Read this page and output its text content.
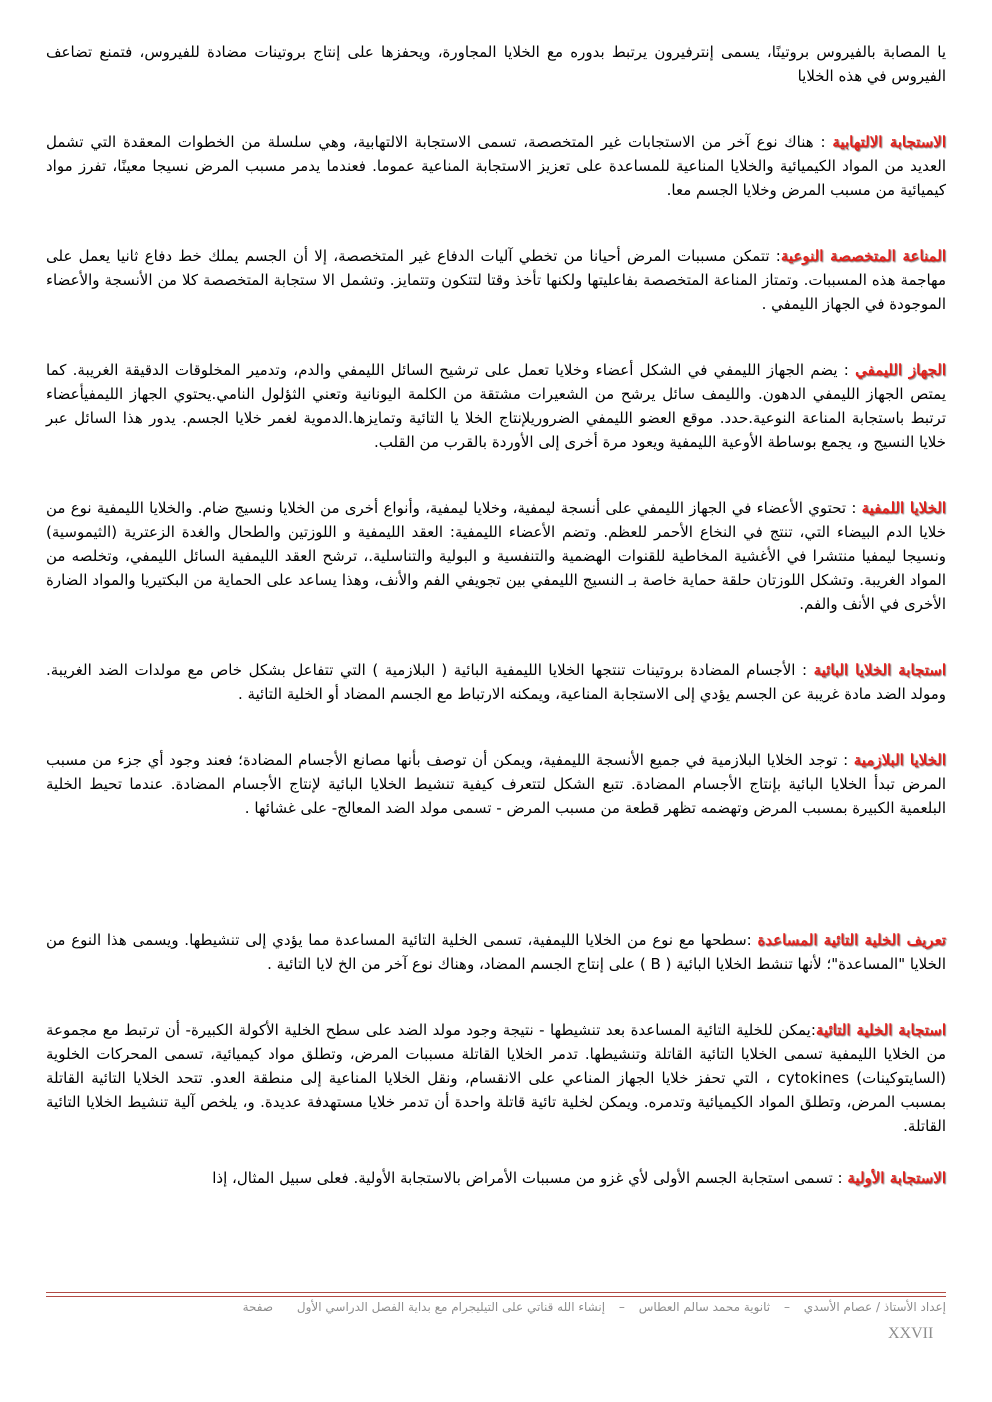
يا المصابة بالفيروس بروتينًا، يسمى إنترفيرون يرتبط بدوره مع الخلايا المجاورة، ويحفزها على إنتاج بروتينات مضادة للفيروس، فتمنع تضاعف الفيروس في هذه الخلايا

الاستجابة الالتهابية : هناك نوع آخر من الاستجابات غير المتخصصة، تسمى الاستجابة الالتهابية، وهي سلسلة من الخطوات المعقدة التي تشمل العديد من المواد الكيميائية والخلايا المناعية للمساعدة على تعزيز الاستجابة المناعية عموما. فعندما يدمر مسبب المرض نسيجا معينًا، تفرز مواد كيميائية من مسبب المرض وخلايا الجسم معا.

المناعة المتخصصة النوعية: تتمكن مسببات المرض أحيانا من تخطي آليات الدفاع غير المتخصصة، إلا أن الجسم يملك خط دفاع ثانيا يعمل على مهاجمة هذه المسببات. وتمتاز المناعة المتخصصة بفاعليتها ولكنها تأخذ وقتا لتتكون وتتمايز. وتشمل الا ستجابة المتخصصة كلا من الأنسجة والأعضاء الموجودة في الجهاز الليمفي .

الجهاز الليمفي : يضم الجهاز الليمفي في الشكل أعضاء وخلايا تعمل على ترشيح السائل الليمفي والدم، وتدمير المخلوقات الدقيقة الغريبة. كما يمتص الجهاز الليمفي الدهون. والليمف سائل يرشح من الشعيرات مشتقة من الكلمة اليونانية وتعني الثؤلول النامي.يحتوي الجهاز الليمفيأعضاء ترتبط باستجابة المناعة النوعية.حدد. موقع العضو الليمفي الضروريلإنتاج الخلا يا التائية وتمايزها.الدموية لغمر خلايا الجسم. يدور هذا السائل عبر خلايا النسيج و، يجمع بوساطة الأوعية الليمفية ويعود مرة أخرى إلى الأوردة بالقرب من القلب.

الخلايا اللمفية : تحتوي الأعضاء في الجهاز الليمفي على أنسجة ليمفية، وخلايا ليمفية، وأنواع أخرى من الخلايا ونسيج ضام. والخلايا الليمفية نوع من خلايا الدم البيضاء التي، تنتج في النخاع الأحمر للعظم. وتضم الأعضاء الليمفية: العقد الليمفية و اللوزتين والطحال والغدة الزعترية (الثيموسية) ونسيجا ليمفيا منتشرا في الأغشية المخاطية للقنوات الهضمية والتنفسية و البولية والتناسلية.، ترشح العقد الليمفية السائل الليمفي، وتخلصه من المواد الغريبة. وتشكل اللوزتان حلقة حماية خاصة بـ النسيج الليمفي بين تجويفي الفم والأنف، وهذا يساعد على الحماية من البكتيريا والمواد الضارة الأخرى في الأنف والفم.

استجابة الخلايا البائية : الأجسام المضادة بروتينات تنتجها الخلايا الليمفية البائية ( البلازمية ) التي تتفاعل بشكل خاص مع مولدات الضد الغريبة. ومولد الضد مادة غريبة عن الجسم يؤدي إلى الاستجابة المناعية، ويمكنه الارتباط مع الجسم المضاد أو الخلية التائية .

الخلايا البلازمية : توجد الخلايا البلازمية في جميع الأنسجة الليمفية، ويمكن أن توصف بأنها مصانع الأجسام المضادة؛ فعند وجود أي جزء من مسبب المرض تبدأ الخلايا البائية بإنتاج الأجسام المضادة. تتبع الشكل لتتعرف كيفية تنشيط الخلايا البائية لإنتاج الأجسام المضادة. عندما تحيط الخلية البلعمية الكبيرة بمسبب المرض وتهضمه تظهر قطعة من مسبب المرض - تسمى مولد الضد المعالج- على غشائها .

تعريف الخلية التائية المساعدة :سطحها مع نوع من الخلايا الليمفية، تسمى الخلية التائية المساعدة مما يؤدي إلى تنشيطها. ويسمى هذا النوع من الخلايا "المساعدة"؛ لأنها تنشط الخلايا البائية ( B ) على إنتاج الجسم المضاد، وهناك نوع آخر من الخ لايا التائية .

استجابة الخلية التائية:يمكن للخلية التائية المساعدة بعد تنشيطها - نتيجة وجود مولد الضد على سطح الخلية الأكولة الكبيرة- أن ترتبط مع مجموعة من الخلايا الليمفية تسمى الخلايا التائية القاتلة وتنشيطها. تدمر الخلايا القاتلة مسببات المرض، وتطلق مواد كيميائية، تسمى المحركات الخلوية (السايتوكينات) cytokines ، التي تحفز خلايا الجهاز المناعي على الانقسام، ونقل الخلايا المناعية إلى منطقة العدو. تتحد الخلايا التائية القاتلة بمسبب المرض، وتطلق المواد الكيميائية وتدمره. ويمكن لخلية تائية قاتلة واحدة أن تدمر خلايا مستهدفة عديدة. و، يلخص آلية تنشيط الخلايا التائية القاتلة.

الاستجابة الأولية : تسمى استجابة الجسم الأولى لأي غزو من مسببات الأمراض بالاستجابة الأولية. فعلى سبيل المثال، إذا

إعداد الأستاذ / عصام الأسدي – ثانوية محمد سالم العطاس – إنشاء الله قناتي على التيليجرام مع بداية الفصل الدراسي الأول صفحة
XXVII
